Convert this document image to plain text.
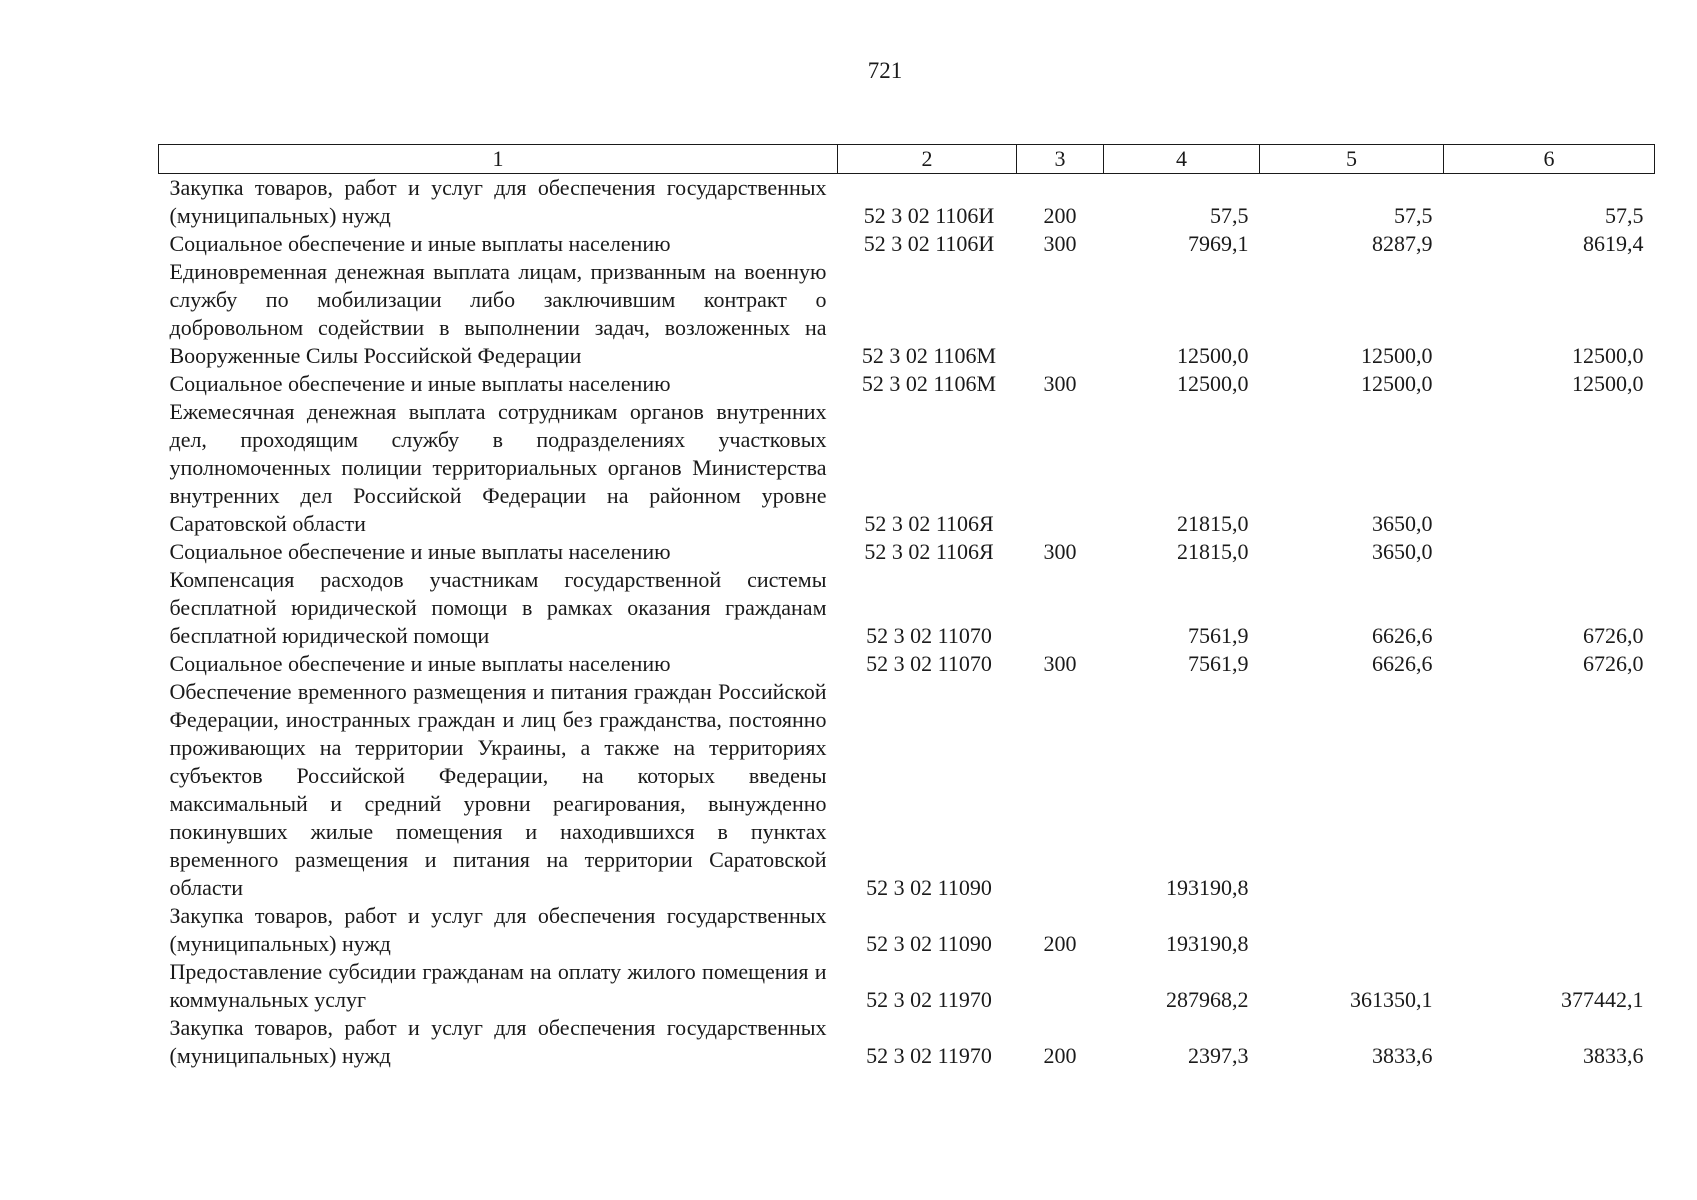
721
1	2	3	4	5	6
Закупка товаров, работ и услуг для обеспечения государственных (муниципальных) нужд	52 3 02 1106И	200	57,5	57,5	57,5
Социальное обеспечение и иные выплаты населению	52 3 02 1106И	300	7969,1	8287,9	8619,4
Единовременная денежная выплата лицам, призванным на военную службу по мобилизации либо заключившим контракт о добровольном содействии в выполнении задач, возложенных на Вооруженные Силы Российской Федерации	52 3 02 1106М		12500,0	12500,0	12500,0
Социальное обеспечение и иные выплаты населению	52 3 02 1106М	300	12500,0	12500,0	12500,0
Ежемесячная денежная выплата сотрудникам органов внутренних дел, проходящим службу в подразделениях участковых уполномоченных полиции территориальных органов Министерства внутренних дел Российской Федерации на районном уровне Саратовской области	52 3 02 1106Я		21815,0	3650,0	
Социальное обеспечение и иные выплаты населению	52 3 02 1106Я	300	21815,0	3650,0	
Компенсация расходов участникам государственной системы бесплатной юридической помощи в рамках оказания гражданам бесплатной юридической помощи	52 3 02 11070		7561,9	6626,6	6726,0
Социальное обеспечение и иные выплаты населению	52 3 02 11070	300	7561,9	6626,6	6726,0
Обеспечение временного размещения и питания граждан Российской Федерации, иностранных граждан и лиц без гражданства, постоянно проживающих на территории Украины, а также на территориях субъектов Российской Федерации, на которых введены максимальный и средний уровни реагирования, вынужденно покинувших жилые помещения и находившихся в пунктах временного размещения и питания на территории Саратовской области	52 3 02 11090		193190,8		
Закупка товаров, работ и услуг для обеспечения государственных (муниципальных) нужд	52 3 02 11090	200	193190,8		
Предоставление субсидии гражданам на оплату жилого помещения и коммунальных услуг	52 3 02 11970		287968,2	361350,1	377442,1
Закупка товаров, работ и услуг для обеспечения государственных (муниципальных) нужд	52 3 02 11970	200	2397,3	3833,6	3833,6
